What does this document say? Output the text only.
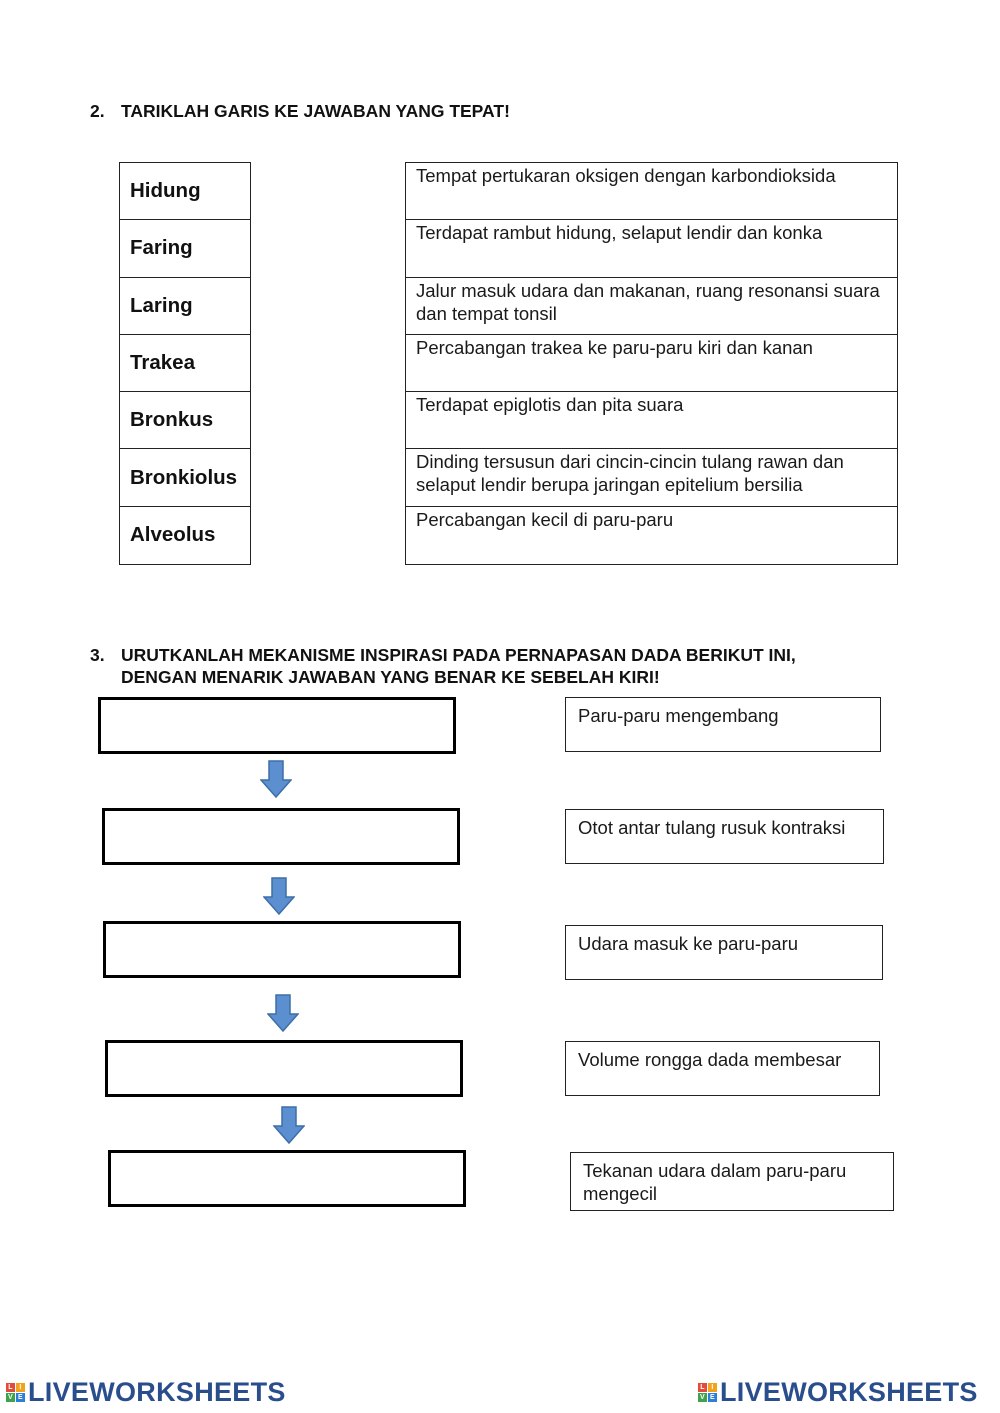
2. TARIKLAH GARIS KE JAWABAN YANG TEPAT!
Hidung
Faring
Laring
Trakea
Bronkus
Bronkiolus
Alveolus
Tempat pertukaran oksigen dengan karbondioksida
Terdapat rambut hidung, selaput lendir dan konka
Jalur masuk udara dan makanan, ruang resonansi suara dan tempat tonsil
Percabangan trakea ke paru-paru kiri dan kanan
Terdapat epiglotis dan pita suara
Dinding tersusun dari cincin-cincin tulang rawan dan selaput lendir berupa jaringan epitelium bersilia
Percabangan kecil di paru-paru
3. URUTKANLAH MEKANISME INSPIRASI PADA PERNAPASAN DADA BERIKUT INI,
DENGAN MENARIK JAWABAN YANG BENAR KE SEBELAH KIRI!
Paru-paru mengembang
Otot antar tulang rusuk kontraksi
Udara masuk ke paru-paru
Volume rongga dada membesar
Tekanan udara dalam paru-paru mengecil
L I
V E LIVEWORKSHEETS	L I
V E LIVEWORKSHEETS
